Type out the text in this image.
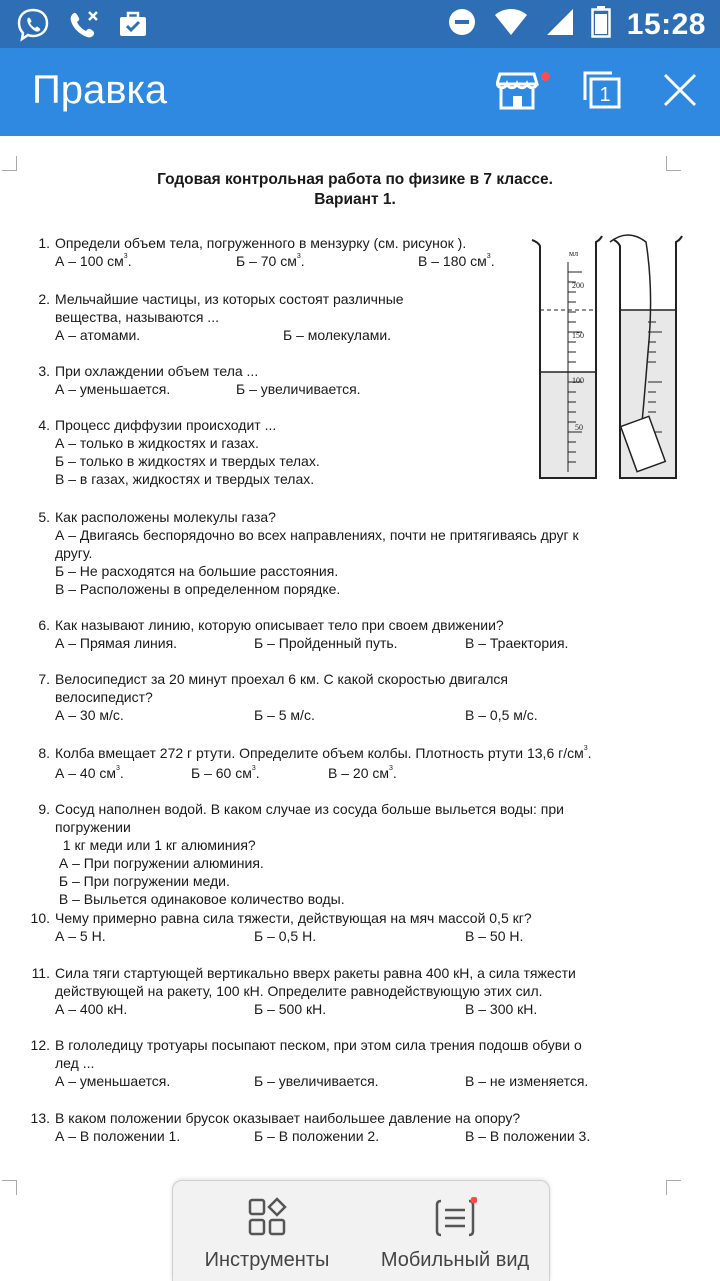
15:28
Правка	1
Годовая контрольная работа по физике в 7 классе.
Вариант 1.
1. Определи объем тела, погруженного в мензурку (см. рисунок ).
А – 100 $см^3$.	Б – 70 $см^3$.	В – 180 $см^3$.
2. Мельчайшие частицы, из которых состоят различные
вещества, называются ...
А – атомами.	Б – молекулами.
3. При охлаждении объем тела ...
А – уменьшается.	Б – увеличивается.
4. Процесс диффузии происходит ...
А – только в жидкостях и газах.
Б – только в жидкостях и твердых телах.
В – в газах, жидкостях и твердых телах.
5. Как расположены молекулы газа?
А – Двигаясь беспорядочно во всех направлениях, почти не притягиваясь друг к
другу.
Б – Не расходятся на большие расстояния.
В – Расположены в определенном порядке.
6. Как называют линию, которую описывает тело при своем движении?
А – Прямая линия.	Б – Пройденный путь.	В – Траектория.
7. Велосипедист за 20 минут проехал 6 км. С какой скоростью двигался
велосипедист?
А – 30 м/с.	Б – 5 м/с.	В – 0,5 м/с.
8. Колба вмещает 272 г ртути. Определите объем колбы. Плотность ртути 13,6 $г/см^3$.
А – 40 $см^3$.	Б – 60 $см^3$.	В – 20 $см^3$.
9. Сосуд наполнен водой. В каком случае из сосуда больше выльется воды: при
погружении
1 кг меди или 1 кг алюминия?
А – При погружении алюминия.
Б – При погружении меди.
В – Выльется одинаковое количество воды.
10. Чему примерно равна сила тяжести, действующая на мяч массой 0,5 кг?
А – 5 Н.	Б – 0,5 Н.	В – 50 Н.
11. Сила тяги стартующей вертикально вверх ракеты равна 400 кН, а сила тяжести
действующей на ракету, 100 кН. Определите равнодействующую этих сил.
А – 400 кН.	Б – 500 кН.	В – 300 кН.
12. В гололедицу тротуары посыпают песком, при этом сила трения подошв обуви о
лед ...
А – уменьшается.	Б – увеличивается.	В – не изменяется.
13. В каком положении брусок оказывает наибольшее давление на опору?
А – В положении 1.	Б – В положении 2.	В – В положении 3.
мл
200
150
100
50
Инструменты	Мобильный вид
